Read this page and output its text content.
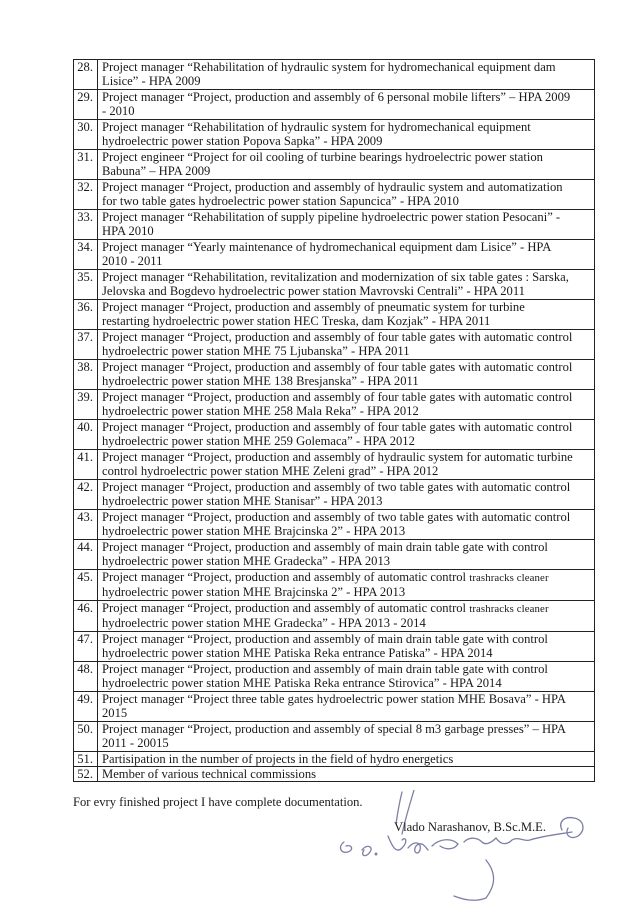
28.	Project manager “Rehabilitation of hydraulic system for hydromechanical equipment dam
Lisice” - HPA 2009

29.	Project manager “Project, production and assembly of 6 personal mobile lifters” – HPA 2009
- 2010

30.	Project manager “Rehabilitation of hydraulic system for hydromechanical equipment
hydroelectric power station Popova Sapka” - HPA 2009

31.	Project engineer “Project for oil cooling of turbine bearings hydroelectric power station
Babuna” – HPA 2009

32.	Project manager “Project, production and assembly of hydraulic system and automatization
for two table gates hydroelectric power station Sapuncica” - HPA 2010

33.	Project manager “Rehabilitation of supply pipeline hydroelectric power station Pesocani” -
HPA 2010

34.	Project manager “Yearly maintenance of hydromechanical equipment dam Lisice” - HPA
2010 - 2011

35.	Project manager “Rehabilitation, revitalization and modernization of six table gates : Sarska,
Jelovska and Bogdevo hydroelectric power station Mavrovski Centrali” - HPA 2011

36.	Project manager “Project, production and assembly of pneumatic system for turbine
restarting hydroelectric power station HEC Treska, dam Kozjak” - HPA 2011

37.	Project manager “Project, production and assembly of four table gates with automatic control
hydroelectric power station MHE 75 Ljubanska” - HPA 2011

38.	Project manager “Project, production and assembly of four table gates with automatic control
hydroelectric power station MHE 138 Bresjanska” - HPA 2011

39.	Project manager “Project, production and assembly of four table gates with automatic control
hydroelectric power station MHE 258 Mala Reka” - HPA 2012

40.	Project manager “Project, production and assembly of four table gates with automatic control
hydroelectric power station MHE 259 Golemaca” - HPA 2012

41.	Project manager “Project, production and assembly of hydraulic system for automatic turbine
control hydroelectric power station MHE Zeleni grad” - HPA 2012

42.	Project manager “Project, production and assembly of two table gates with automatic control
hydroelectric power station MHE Stanisar” - HPA 2013

43.	Project manager “Project, production and assembly of two table gates with automatic control
hydroelectric power station MHE Brajcinska 2” - HPA 2013

44.	Project manager “Project, production and assembly of main drain table gate with control
hydroelectric power station MHE Gradecka” - HPA 2013

45.	Project manager “Project, production and assembly of automatic control trashracks cleaner
hydroelectric power station MHE Brajcinska 2” - HPA 2013

46.	Project manager “Project, production and assembly of automatic control trashracks cleaner
hydroelectric power station MHE Gradecka” - HPA 2013 - 2014

47.	Project manager “Project, production and assembly of main drain table gate with control
hydroelectric power station MHE Patiska Reka entrance Patiska” - HPA 2014

48.	Project manager “Project, production and assembly of main drain table gate with control
hydroelectric power station MHE Patiska Reka entrance Stirovica” - HPA 2014

49.	Project manager “Project three table gates hydroelectric power station MHE Bosava” - HPA
2015

50.	Project manager “Project, production and assembly of special 8 m3 garbage presses” – HPA
2011 - 20015

51.	Partisipation in the number of projects in the field of hydro energetics

52.	Member of various technical commissions
For evry finished project I have complete documentation.
Vlado Narashanov, B.Sc.M.E.
